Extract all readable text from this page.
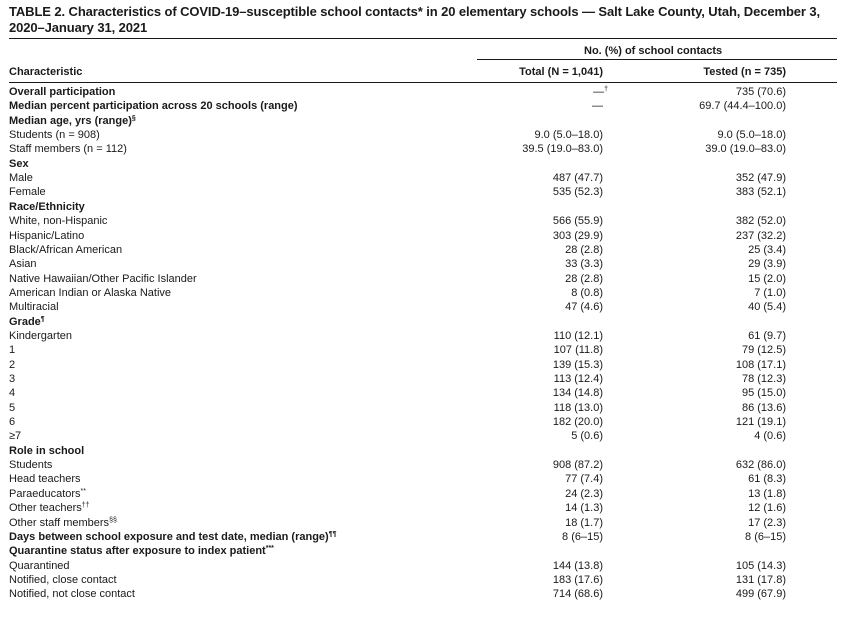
TABLE 2. Characteristics of COVID-19–susceptible school contacts* in 20 elementary schools — Salt Lake County, Utah, December 3, 2020–January 31, 2021
No. (%) of school contacts
Characteristic	Total (N = 1,041)	Tested (n = 735)
Overall participation	—†	735 (70.6)
Median percent participation across 20 schools (range)	—	69.7 (44.4–100.0)
Median age, yrs (range)§
Students (n = 908)	9.0 (5.0–18.0)	9.0 (5.0–18.0)
Staff members (n = 112)	39.5 (19.0–83.0)	39.0 (19.0–83.0)
Sex
Male	487 (47.7)	352 (47.9)
Female	535 (52.3)	383 (52.1)
Race/Ethnicity
White, non-Hispanic	566 (55.9)	382 (52.0)
Hispanic/Latino	303 (29.9)	237 (32.2)
Black/African American	28 (2.8)	25 (3.4)
Asian	33 (3.3)	29 (3.9)
Native Hawaiian/Other Pacific Islander	28 (2.8)	15 (2.0)
American Indian or Alaska Native	8 (0.8)	7 (1.0)
Multiracial	47 (4.6)	40 (5.4)
Grade¶
Kindergarten	110 (12.1)	61 (9.7)
1	107 (11.8)	79 (12.5)
2	139 (15.3)	108 (17.1)
3	113 (12.4)	78 (12.3)
4	134 (14.8)	95 (15.0)
5	118 (13.0)	86 (13.6)
6	182 (20.0)	121 (19.1)
≥7	5 (0.6)	4 (0.6)
Role in school
Students	908 (87.2)	632 (86.0)
Head teachers	77 (7.4)	61 (8.3)
Paraeducators**	24 (2.3)	13 (1.8)
Other teachers††	14 (1.3)	12 (1.6)
Other staff members§§	18 (1.7)	17 (2.3)
Days between school exposure and test date, median (range)¶¶	8 (6–15)	8 (6–15)
Quarantine status after exposure to index patient***
Quarantined	144 (13.8)	105 (14.3)
Notified, close contact	183 (17.6)	131 (17.8)
Notified, not close contact	714 (68.6)	499 (67.9)
